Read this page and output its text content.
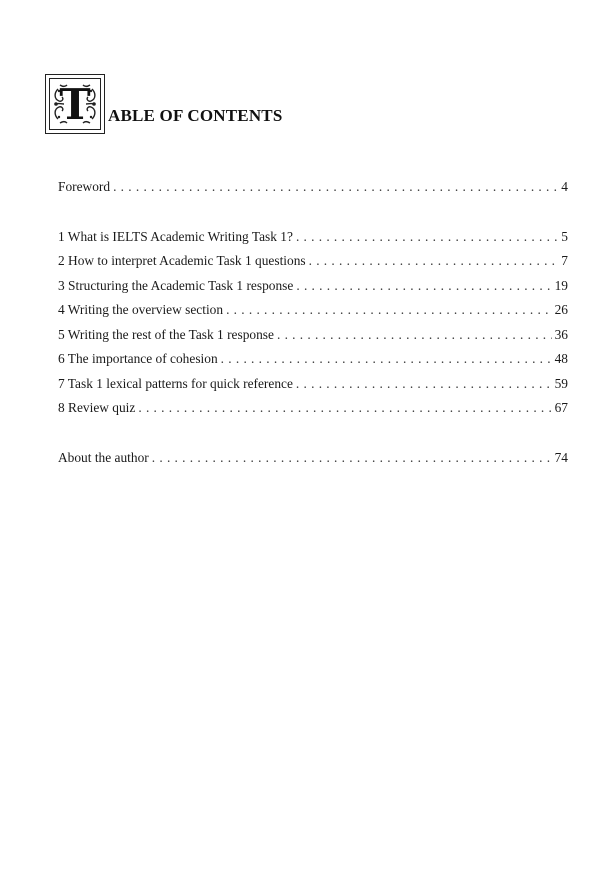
T	ABLE OF CONTENTS
Foreword . . .	4
1 What is IELTS Academic Writing Task 1? . . .	5
2 How to interpret Academic Task 1 questions . . .	7
3 Structuring the Academic Task 1 response . . .	19
4 Writing the overview section . . .	26
5 Writing the rest of the Task 1 response . . .	36
6 The importance of cohesion . . .	48
7 Task 1 lexical patterns for quick reference . . .	59
8 Review quiz . . .	67
About the author . . .	74
